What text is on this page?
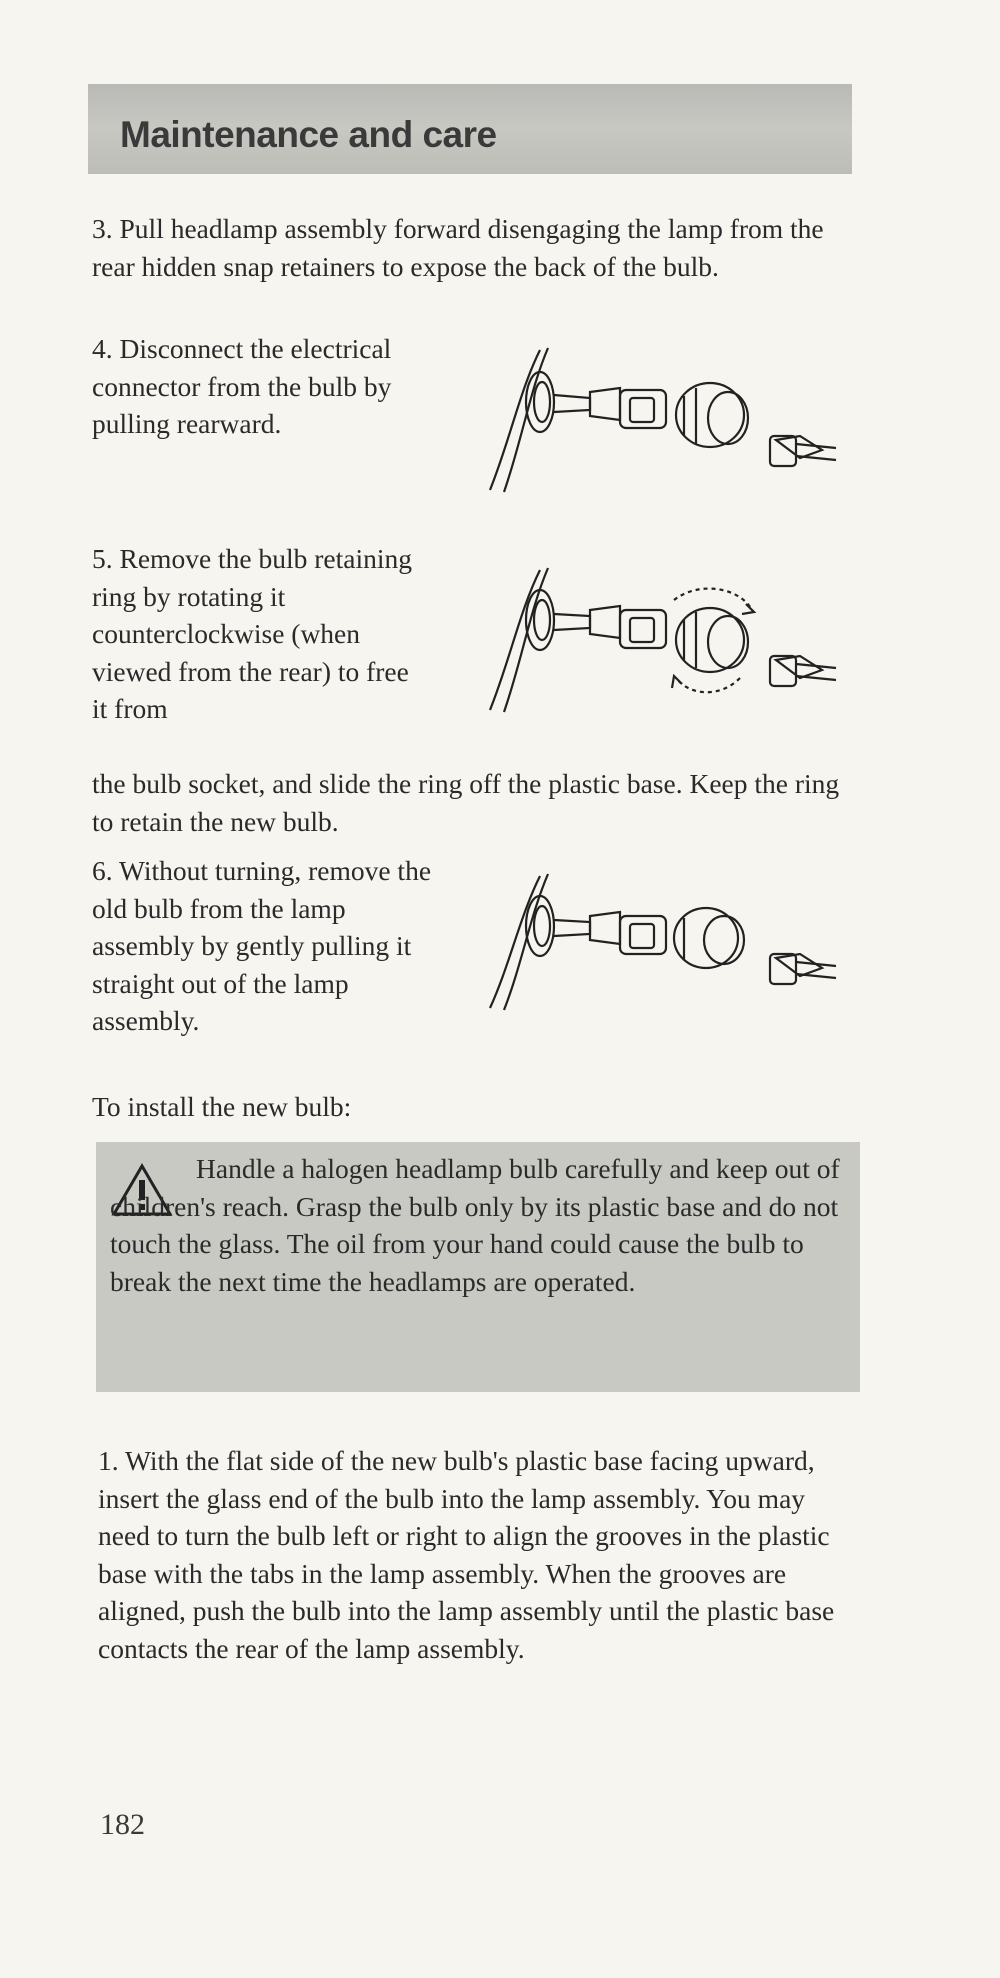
Maintenance and care

3. Pull headlamp assembly forward disengaging the lamp from the rear hidden snap retainers to expose the back of the bulb.

4. Disconnect the electrical connector from the bulb by pulling rearward.

5. Remove the bulb retaining ring by rotating it counterclockwise (when viewed from the rear) to free it from

the bulb socket, and slide the ring off the plastic base. Keep the ring to retain the new bulb.

6. Without turning, remove the old bulb from the lamp assembly by gently pulling it straight out of the lamp assembly.

To install the new bulb:

Handle a halogen headlamp bulb carefully and keep out of children's reach. Grasp the bulb only by its plastic base and do not touch the glass. The oil from your hand could cause the bulb to break the next time the headlamps are operated.

1. With the flat side of the new bulb's plastic base facing upward, insert the glass end of the bulb into the lamp assembly. You may need to turn the bulb left or right to align the grooves in the plastic base with the tabs in the lamp assembly. When the grooves are aligned, push the bulb into the lamp assembly until the plastic base contacts the rear of the lamp assembly.

182
